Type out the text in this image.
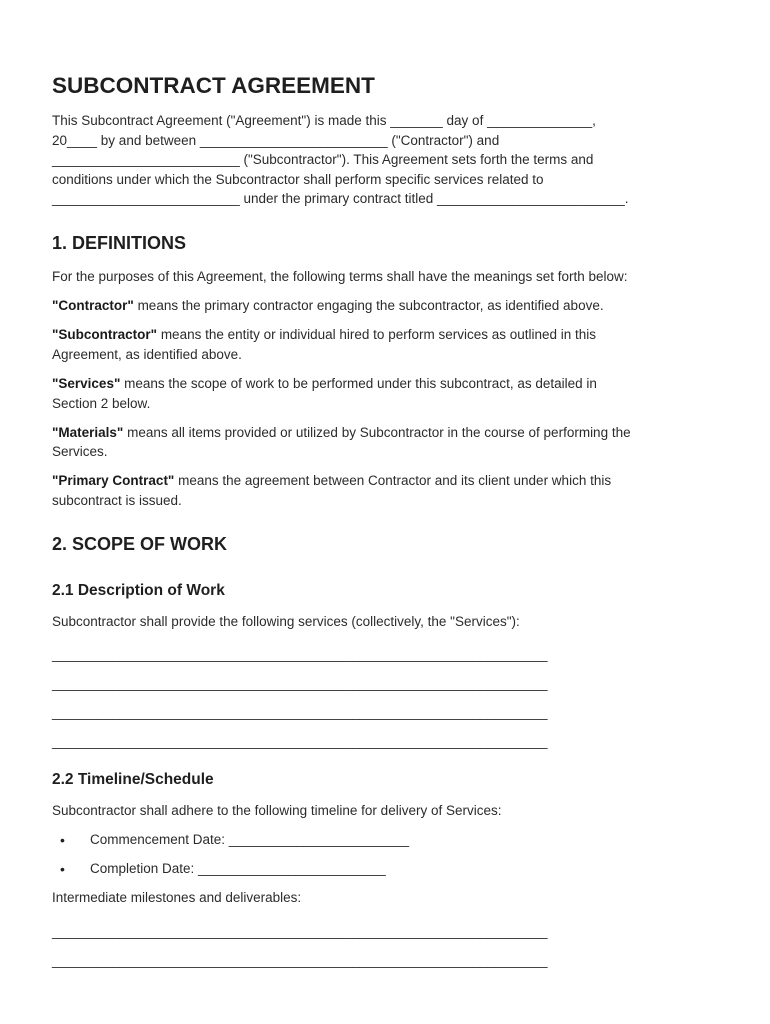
SUBCONTRACT AGREEMENT
This Subcontract Agreement ("Agreement") is made this _______ day of ______________,
20____ by and between _________________________ ("Contractor") and
_________________________ ("Subcontractor"). This Agreement sets forth the terms and
conditions under which the Subcontractor shall perform specific services related to
_________________________ under the primary contract titled _________________________.
1. DEFINITIONS
For the purposes of this Agreement, the following terms shall have the meanings set forth below:
"Contractor" means the primary contractor engaging the subcontractor, as identified above.
"Subcontractor" means the entity or individual hired to perform services as outlined in this
Agreement, as identified above.
"Services" means the scope of work to be performed under this subcontract, as detailed in
Section 2 below.
"Materials" means all items provided or utilized by Subcontractor in the course of performing the
Services.
"Primary Contract" means the agreement between Contractor and its client under which this
subcontract is issued.
2. SCOPE OF WORK
2.1 Description of Work
Subcontractor shall provide the following services (collectively, the "Services"):
__________________________________________________________________
__________________________________________________________________
__________________________________________________________________
__________________________________________________________________
2.2 Timeline/Schedule
Subcontractor shall adhere to the following timeline for delivery of Services:
• Commencement Date: ________________________
• Completion Date: _________________________
Intermediate milestones and deliverables:
__________________________________________________________________
__________________________________________________________________
